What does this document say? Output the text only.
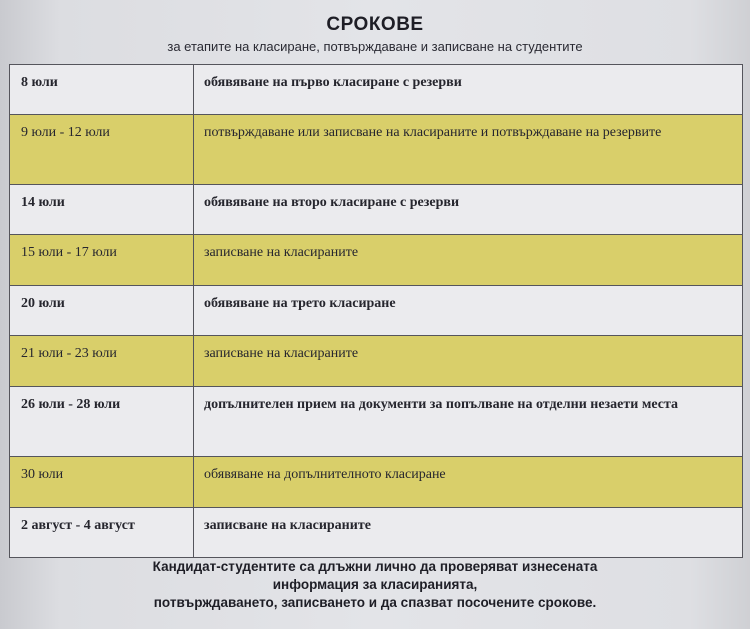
СРОКОВЕ
за етапите на класиране, потвърждаване и записване на студентите
8 юли	обявяване на първо класиране с резерви
9 юли - 12 юли	потвърждаване или записване на класираните и потвърждаване на резервите
14 юли	обявяване на второ класиране с резерви
15 юли - 17 юли	записване на класираните
20 юли	обявяване на трето класиране
21 юли - 23 юли	записване на класираните
26 юли - 28 юли	допълнителен прием на документи за попълване на отделни незаети места
30 юли	обявяване на допълнителното класиране
2 август - 4 август	записване на класираните
Кандидат-студентите са длъжни лично да проверяват изнесената
информация за класиранията,
потвърждаването, записването и да спазват посочените срокове.
